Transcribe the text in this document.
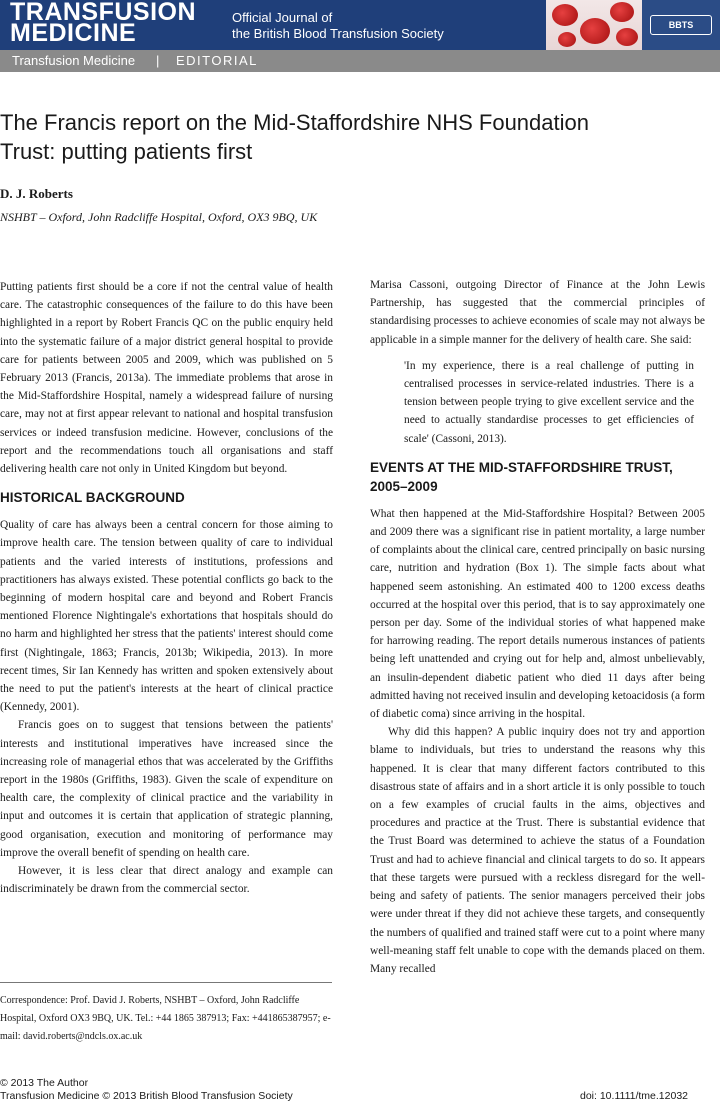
TRANSFUSION
MEDICINE
Official Journal of
the British Blood Transfusion Society
BBTS
Transfusion Medicine | EDITORIAL
The Francis report on the Mid-Staffordshire NHS Foundation
Trust: putting patients first
D. J. Roberts
NSHBT – Oxford, John Radcliffe Hospital, Oxford, OX3 9BQ, UK

Putting patients first should be a core if not the central value of health care. The catastrophic consequences of the failure to do this have been highlighted in a report by Robert Francis QC on the public enquiry held into the systematic failure of a major district general hospital to provide care for patients between 2005 and 2009, which was published on 5 February 2013 (Francis, 2013a). The immediate problems that arose in the Mid-Staffordshire Hospital, namely a widespread failure of nursing care, may not at first appear relevant to national and hospital transfusion services or indeed transfusion medicine. However, conclusions of the report and the recommendations touch all organisations and staff delivering health care not only in United Kingdom but beyond.

HISTORICAL BACKGROUND

Quality of care has always been a central concern for those aiming to improve health care. The tension between quality of care to individual patients and the varied interests of institutions, professions and practitioners has always existed. These potential conflicts go back to the beginning of modern hospital care and beyond and Robert Francis mentioned Florence Nightingale's exhortations that hospitals should do no harm and highlighted her stress that the patients' interest should come first (Nightingale, 1863; Francis, 2013b; Wikipedia, 2013). In more recent times, Sir Ian Kennedy has written and spoken extensively about the need to put the patient's interests at the heart of clinical practice (Kennedy, 2001).

Francis goes on to suggest that tensions between the patients' interests and institutional imperatives have increased since the increasing role of managerial ethos that was accelerated by the Griffiths report in the 1980s (Griffiths, 1983). Given the scale of expenditure on health care, the complexity of clinical practice and the variability in input and outcomes it is certain that application of strategic planning, good organisation, execution and monitoring of performance may improve the overall benefit of spending on health care.

However, it is less clear that direct analogy and example can indiscriminately be drawn from the commercial sector.

Correspondence: Prof. David J. Roberts, NSHBT – Oxford, John Radcliffe Hospital, Oxford OX3 9BQ, UK. Tel.: +44 1865 387913; Fax: +441865387957; e-mail: david.roberts@ndcls.ox.ac.uk

Marisa Cassoni, outgoing Director of Finance at the John Lewis Partnership, has suggested that the commercial principles of standardising processes to achieve economies of scale may not always be applicable in a simple manner for the delivery of health care. She said:

'In my experience, there is a real challenge of putting in centralised processes in service-related industries. There is a tension between people trying to give excellent service and the need to actually standardise processes to get efficiencies of scale' (Cassoni, 2013).

EVENTS AT THE MID-STAFFORDSHIRE TRUST, 2005–2009

What then happened at the Mid-Staffordshire Hospital? Between 2005 and 2009 there was a significant rise in patient mortality, a large number of complaints about the clinical care, centred principally on basic nursing care, nutrition and hydration (Box 1). The simple facts about what happened seem astonishing. An estimated 400 to 1200 excess deaths occurred at the hospital over this period, that is to say approximately one person per day. Some of the individual stories of what happened make for harrowing reading. The report details numerous instances of patients being left unattended and crying out for help and, almost unbelievably, an insulin-dependent diabetic patient who died 11 days after being admitted having not received insulin and developing ketoacidosis (a form of diabetic coma) since arriving in the hospital.

Why did this happen? A public inquiry does not try and apportion blame to individuals, but tries to understand the reasons why this happened. It is clear that many different factors contributed to this disastrous state of affairs and in a short article it is only possible to touch on a few examples of crucial faults in the aims, objectives and procedures and practice at the Trust. There is substantial evidence that the Trust Board was determined to achieve the status of a Foundation Trust and had to achieve financial and clinical targets to do so. It appears that these targets were pursued with a reckless disregard for the well-being and safety of patients. The senior managers perceived their jobs were under threat if they did not achieve these targets, and consequently the numbers of qualified and trained staff were cut to a point where many well-meaning staff felt unable to cope with the demands placed on them. Many recalled

© 2013 The Author
Transfusion Medicine © 2013 British Blood Transfusion Society	doi: 10.1111/tme.12032
